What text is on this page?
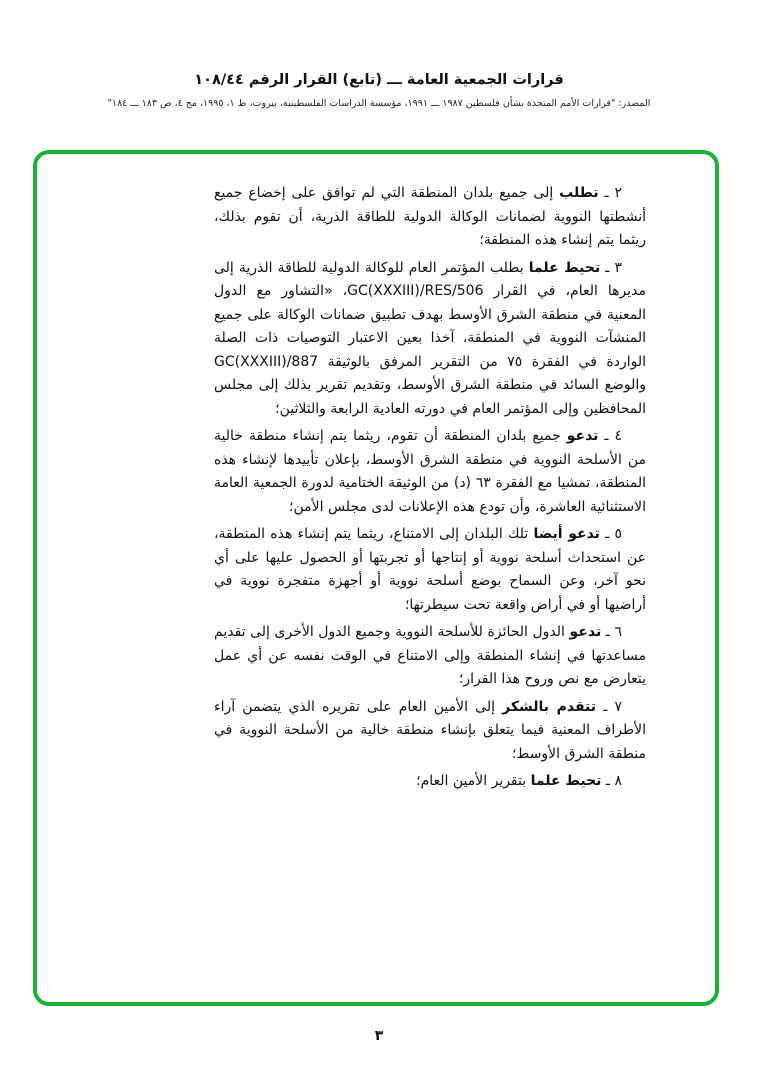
قرارات الجمعية العامة ـــ (تابع) القرار الرقم ١٠٨/٤٤
المصدر: "قرارات الأمم المتحدة بشأن فلسطين ١٩٨٧ ـــ ١٩٩١، مؤسسة الدراسات الفلسطينية، بيروت، ط ١، ١٩٩٥، مج ٤، ص ١٨٣ ـــ ١٨٤"

٢ ـ تطلب إلى جميع بلدان المنطقة التي لم توافق على إخضاع جميع أنشطتها النووية لضمانات الوكالة الدولية للطاقة الذرية، أن تقوم بذلك، ريثما يتم إنشاء هذه المنطقة؛

٣ ـ تحيط علما بطلب المؤتمر العام للوكالة الدولية للطاقة الذرية إلى مديرها العام، في القرار GC(XXXIII)/RES/506، «التشاور مع الدول المعنية في منطقة الشرق الأوسط بهدف تطبيق ضمانات الوكالة على جميع المنشآت النووية في المنطقة، آخذا بعين الاعتبار التوصيات ذات الصلة الواردة في الفقرة ٧٥ من التقرير المرفق بالوثيقة GC(XXXIII)/887 والوضع السائد في منطقة الشرق الأوسط، وتقديم تقرير بذلك إلى مجلس المحافظين وإلى المؤتمر العام في دورته العادية الرابعة والثلاثين؛

٤ ـ تدعو جميع بلدان المنطقة أن تقوم، ريثما يتم إنشاء منطقة خالية من الأسلحة النووية في منطقة الشرق الأوسط، بإعلان تأييدها لإنشاء هذه المنطقة، تمشيا مع الفقرة ٦٣ (د) من الوثيقة الختامية لدورة الجمعية العامة الاستثنائية العاشرة، وأن تودع هذه الإعلانات لدى مجلس الأمن؛

٥ ـ تدعو أيضا تلك البلدان إلى الامتناع، ريثما يتم إنشاء هذه المنطقة، عن استحداث أسلحة نووية أو إنتاجها أو تجربتها أو الحصول عليها على أي نحو آخر، وعن السماح بوضع أسلحة نووية أو أجهزة متفجرة نووية في أراضيها أو في أراض واقعة تحت سيطرتها؛

٦ ـ تدعو الدول الحائزة للأسلحة النووية وجميع الدول الأخرى إلى تقديم مساعدتها في إنشاء المنطقة وإلى الامتناع في الوقت نفسه عن أي عمل يتعارض مع نص وروح هذا القرار؛

٧ ـ تتقدم بالشكر إلى الأمين العام على تقريره الذي يتضمن آراء الأطراف المعنية فيما يتعلق بإنشاء منطقة خالية من الأسلحة النووية في منطقة الشرق الأوسط؛

٨ ـ تحيط علما بتقرير الأمين العام؛

٣
